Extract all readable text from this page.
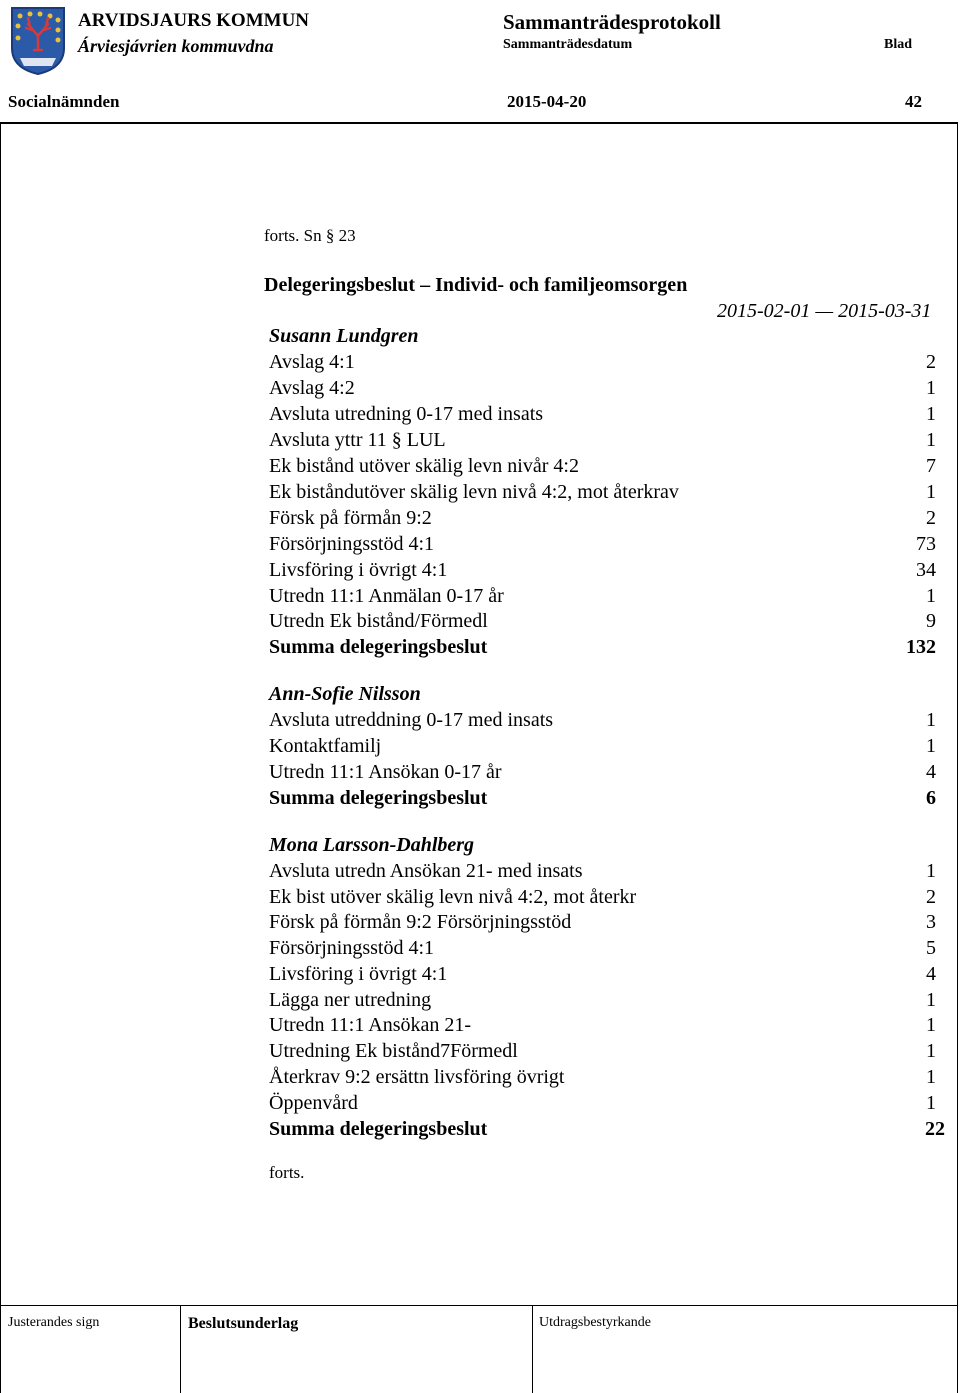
ARVIDSJAURS KOMMUN
Árviesjávrien kommuvdna
Sammanträdesprotokoll
Sammanträdesdatum	Blad
Socialnämnden	2015-04-20	42
forts. Sn § 23
Delegeringsbeslut – Individ- och familjeomsorgen
2015-02-01 — 2015-03-31
Susann Lundgren
Avslag 4:1	2
Avslag 4:2	1
Avsluta utredning 0-17 med insats	1
Avsluta yttr 11 § LUL	1
Ek bistånd utöver skälig levn nivår 4:2	7
Ek biståndutöver skälig levn nivå 4:2, mot återkrav	1
Försk på förmån 9:2	2
Försörjningsstöd 4:1	73
Livsföring i övrigt 4:1	34
Utredn 11:1 Anmälan 0-17 år	1
Utredn Ek bistånd/Förmedl	9
Summa delegeringsbeslut	132
Ann-Sofie Nilsson
Avsluta utreddning 0-17 med insats	1
Kontaktfamilj	1
Utredn 11:1 Ansökan 0-17 år	4
Summa delegeringsbeslut	6
Mona Larsson-Dahlberg
Avsluta utredn Ansökan 21- med insats	1
Ek bist utöver skälig levn nivå 4:2, mot återkr	2
Försk på förmån 9:2 Försörjningsstöd	3
Försörjningsstöd 4:1	5
Livsföring i övrigt 4:1	4
Lägga ner utredning	1
Utredn 11:1 Ansökan 21-	1
Utredning Ek bistånd7Förmedl	1
Återkrav 9:2 ersättn livsföring övrigt	1
Öppenvård	1
Summa delegeringsbeslut	22
forts.
Justerandes sign	Beslutsunderlag	Utdragsbestyrkande
